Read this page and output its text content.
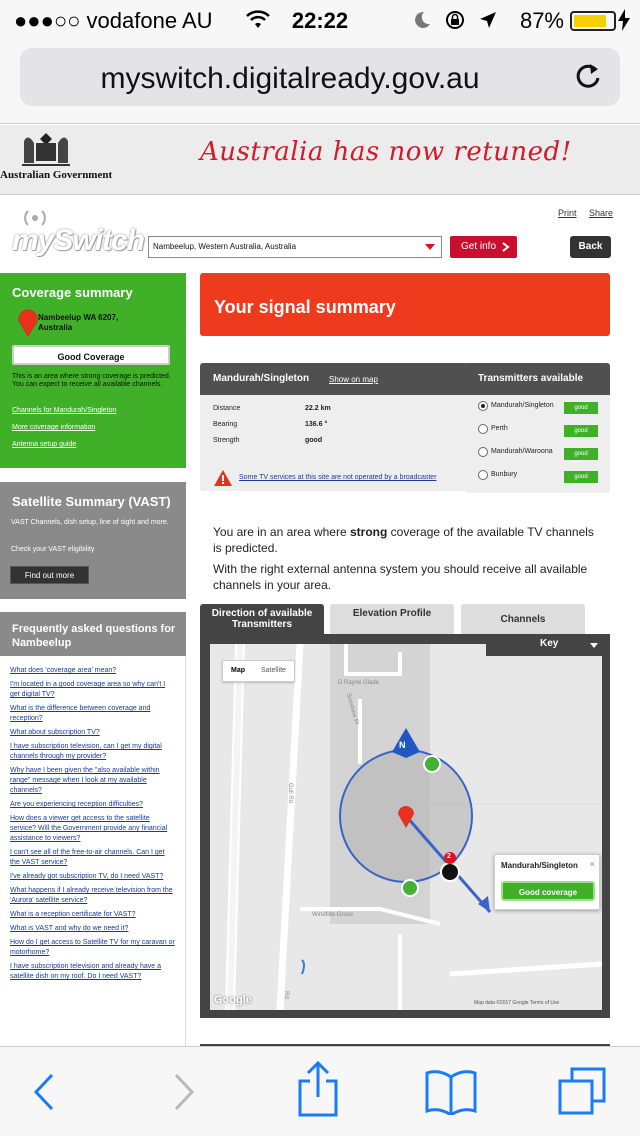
●●●○○ vodafone AU	22:22	87%
myswitch.digitalready.gov.au
Australian Government
Australia has now retuned!
mySwitch
Print Share
Nambeelup, Western Australia, Australia	Get info	Back
Coverage summary
Nambeelup WA 6207, Australia
Good Coverage
This is an area where strong coverage is predicted. You can expect to receive all available channels.
Channels for Mandurah/Singleton
More coverage information
Antenna setup guide
Satellite Summary (VAST)
VAST Channels, dish setup, line of sight and more.
Check your VAST eligibility
Find out more
Frequently asked questions for Nambeelup
What does 'coverage area' mean?
I'm located in a good coverage area so why can't I get digital TV?
What is the difference between coverage and reception?
What about subscription TV?
I have subscription television, can I get my digital channels through my provider?
Why have I been given the "also available within range" message when I look at my available channels?
Are you experiencing reception difficulties?
How does a viewer get access to the satellite service? Will the Government provide any financial assistance to viewers?
I can't see all of the free-to-air channels. Can I get the VAST service?
I've already got subscription TV, do I need VAST?
What happens if I already receive television from the 'Aurora' satellite service?
What is a reception certificate for VAST?
What is VAST and why do we need it?
How do I get access to Satellite TV for my caravan or motorhome?
I have subscription television and already have a satellite dish on my roof. Do I need VAST?
Your signal summary
Mandurah/Singleton Show on map
Distance	22.2 km
Bearing	136.6 °
Strength	good
Some TV services at this site are not operated by a broadcaster
Transmitters available
Mandurah/Singleton	good
Perth	good
Mandurah/Waroona	good
Bunbury	good
You are in an area where strong coverage of the available TV channels is predicted.
With the right external antenna system you should receive all available channels in your area.
Direction of available Transmitters
Elevation Profile
Channels
N
2
D Rayne Glade
Sunshine Pl
Gull Rd
Windflite Grove
Rd
Map Satellite
Mandurah/Singleton ×
Good coverage
Google	Map data ©2017 Google Terms of Use
Key
